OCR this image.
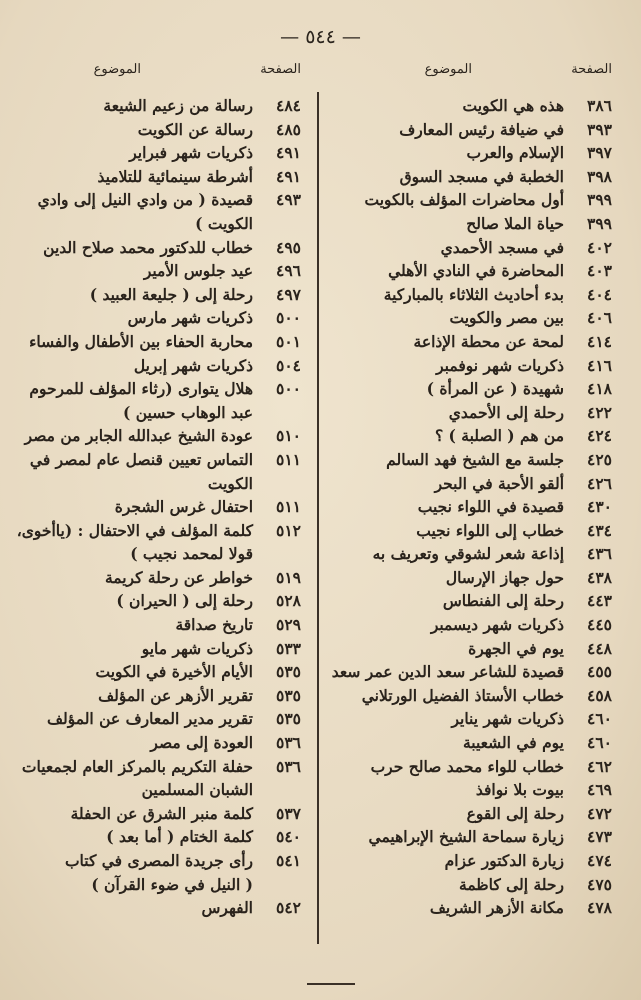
— ٥٤٤ —
الصفحة
الموضوع	الصفحة
الموضوع
٣٨٦
هذه هي الكويت
٣٩٣
في ضيافة رئيس المعارف
٣٩٧
الإسلام والعرب
٣٩٨
الخطبة في مسجد السوق
٣٩٩
أول محاضرات المؤلف بالكويت
٣٩٩
حياة الملا صالح
٤٠٢
في مسجد الأحمدي
٤٠٣
المحاضرة في النادي الأهلي
٤٠٤
بدء أحاديث الثلاثاء بالمباركية
٤٠٦
بين مصر والكويت
٤١٤
لمحة عن محطة الإذاعة
٤١٦
ذكريات شهر نوفمبر
٤١٨
شهيدة ( عن المرأة )
٤٢٢
رحلة إلى الأحمدي
٤٢٤
من هم ( الصلبة ) ؟
٤٢٥
جلسة مع الشيخ فهد السالم
٤٢٦
ألقو الأحبة في البحر
٤٣٠
قصيدة في اللواء نجيب
٤٣٤
خطاب إلى اللواء نجيب
٤٣٦
إذاعة شعر لشوقي وتعريف به
٤٣٨
حول جهاز الإرسال
٤٤٣
رحلة إلى الفنطاس
٤٤٥
ذكريات شهر ديسمبر
٤٤٨
يوم في الجهرة
٤٥٥
قصيدة للشاعر سعد الدين عمر سعد
٤٥٨
خطاب الأستاذ الفضيل الورتلاني
٤٦٠
ذكريات شهر يناير
٤٦٠
يوم في الشعيبة
٤٦٢
خطاب للواء محمد صالح حرب
٤٦٩
بيوت بلا نوافذ
٤٧٢
رحلة إلى القوع
٤٧٣
زيارة سماحة الشيخ الإبراهيمي
٤٧٤
زيارة الدكتور عزام
٤٧٥
رحلة إلى كاظمة
٤٧٨
مكانة الأزهر الشريف
٤٨٤
رسالة من زعيم الشيعة
٤٨٥
رسالة عن الكويت
٤٩١
ذكريات شهر فبراير
٤٩١
أشرطة سينمائية للتلاميذ
٤٩٣
قصيدة ( من وادي النيل إلى وادي
الكويت )
٤٩٥
خطاب للدكتور محمد صلاح الدين
٤٩٦
عيد جلوس الأمير
٤٩٧
رحلة إلى ( جليعة العبيد )
٥٠٠
ذكريات شهر مارس
٥٠١
محاربة الحفاء بين الأطفال والفساء
٥٠٤
ذكريات شهر إبريل
٥٠٠
هلال يتوارى (رثاء المؤلف للمرحوم
عبد الوهاب حسين )
٥١٠
عودة الشيخ عبدالله الجابر من مصر
٥١١
التماس تعيين قنصل عام لمصر في
الكويت
٥١١
احتفال غرس الشجرة
٥١٢
كلمة المؤلف في الاحتفال : (ياأخوى،
قولا لمحمد نجيب )
٥١٩
خواطر عن رحلة كريمة
٥٢٨
رحلة إلى ( الحيران )
٥٢٩
تاريخ صداقة
٥٣٣
ذكريات شهر مايو
٥٣٥
الأيام الأخيرة في الكويت
٥٣٥
تقرير الأزهر عن المؤلف
٥٣٥
تقرير مدير المعارف عن المؤلف
٥٣٦
العودة إلى مصر
٥٣٦
حفلة التكريم بالمركز العام لجمعيات
الشبان المسلمين
٥٣٧
كلمة منبر الشرق عن الحفلة
٥٤٠
كلمة الختام ( أما بعد )
٥٤١
رأى جريدة المصرى في كتاب
( النيل في ضوء القرآن )
٥٤٢
الفهرس
